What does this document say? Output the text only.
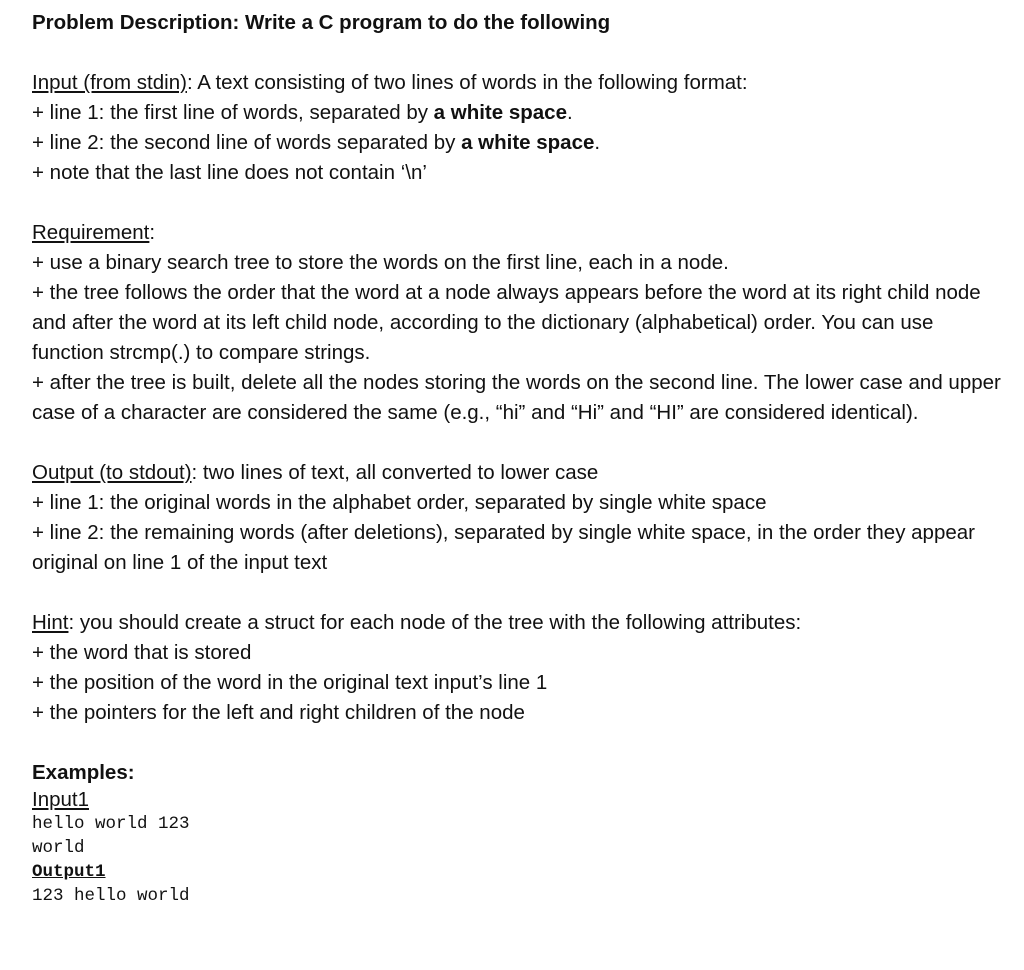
Problem Description: Write a C program to do the following

Input (from stdin): A text consisting of two lines of words in the following format:

+ line 1: the first line of words, separated by a white space.

+ line 2: the second line of words separated by a white space.

+ note that the last line does not contain ‘\n’

Requirement:

+ use a binary search tree to store the words on the first line, each in a node.

+ the tree follows the order that the word at a node always appears before the word at its right child node and after the word at its left child node, according to the dictionary (alphabetical) order. You can use function strcmp(.) to compare strings.

+ after the tree is built, delete all the nodes storing the words on the second line. The lower case and upper case of a character are considered the same (e.g., “hi” and “Hi” and “HI” are considered identical).

Output (to stdout): two lines of text, all converted to lower case

+ line 1: the original words in the alphabet order, separated by single white space

+ line 2: the remaining words (after deletions), separated by single white space, in the order they appear original on line 1 of the input text

Hint: you should create a struct for each node of the tree with the following attributes:

+ the word that is stored

+ the position of the word in the original text input’s line 1

+ the pointers for the left and right children of the node

Examples:

Input1

hello world 123

world

Output1

123 hello world
